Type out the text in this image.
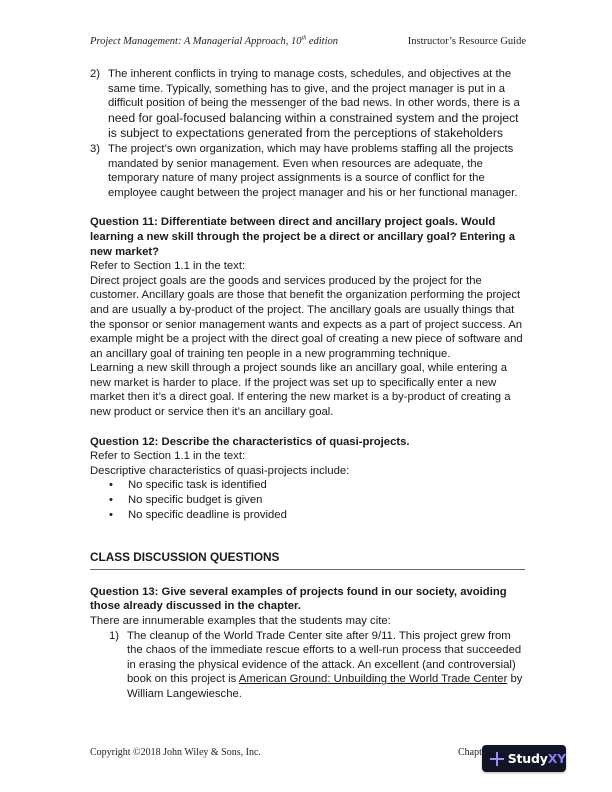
Project Management: A Managerial Approach, 10th edition	Instructor’s Resource Guide
2) The inherent conflicts in trying to manage costs, schedules, and objectives at the same time. Typically, something has to give, and the project manager is put in a difficult position of being the messenger of the bad news. In other words, there is a need for goal-focused balancing within a constrained system and the project is subject to expectations generated from the perceptions of stakeholders
3) The project’s own organization, which may have problems staffing all the projects mandated by senior management. Even when resources are adequate, the temporary nature of many project assignments is a source of conflict for the employee caught between the project manager and his or her functional manager.

Question 11: Differentiate between direct and ancillary project goals. Would learning a new skill through the project be a direct or ancillary goal? Entering a new market?

Refer to Section 1.1 in the text:

Direct project goals are the goods and services produced by the project for the customer. Ancillary goals are those that benefit the organization performing the project and are usually a by-product of the project. The ancillary goals are usually things that the sponsor or senior management wants and expects as a part of project success. An example might be a project with the direct goal of creating a new piece of software and an ancillary goal of training ten people in a new programming technique.

Learning a new skill through a project sounds like an ancillary goal, while entering a new market is harder to place. If the project was set up to specifically enter a new market then it’s a direct goal. If entering the new market is a by-product of creating a new product or service then it’s an ancillary goal.

Question 12: Describe the characteristics of quasi-projects.

Refer to Section 1.1 in the text:

Descriptive characteristics of quasi-projects include:

• No specific task is identified
• No specific budget is given
• No specific deadline is provided
CLASS DISCUSSION QUESTIONS

Question 13: Give several examples of projects found in our society, avoiding those already discussed in the chapter.

There are innumerable examples that the students may cite:

1) The cleanup of the World Trade Center site after 9/11. This project grew from the chaos of the immediate rescue efforts to a well-run process that succeeded in erasing the physical evidence of the attack. An excellent (and controversial) book on this project is American Ground: Unbuilding the World Trade Center by William Langewiesche.
Copyright ©2018 John Wiley & Sons, Inc.	Chapt StudyXY
